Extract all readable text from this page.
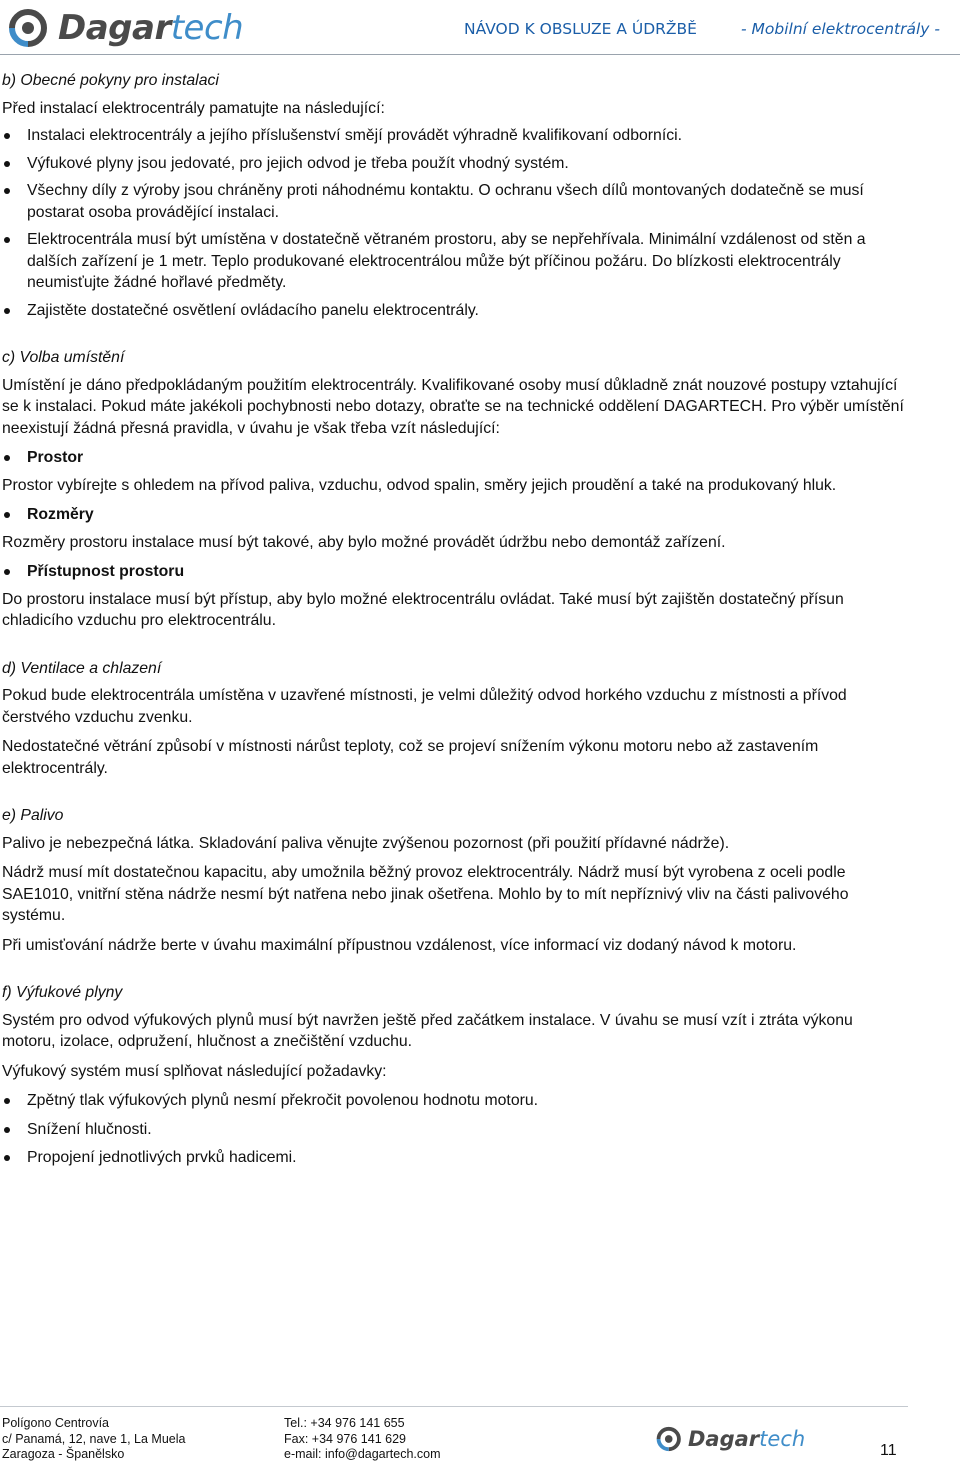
Dagartech	NÁVOD K OBSLUZE A ÚDRŽBĚ	- Mobilní elektrocentrály -
b) Obecné pokyny pro instalaci

Před instalací elektrocentrály pamatujte na následující:

Instalaci elektrocentrály a jejího příslušenství smějí provádět výhradně kvalifikovaní odborníci.
Výfukové plyny jsou jedovaté, pro jejich odvod je třeba použít vhodný systém.
Všechny díly z výroby jsou chráněny proti náhodnému kontaktu. O ochranu všech dílů montovaných dodatečně se musí postarat osoba provádějící instalaci.
Elektrocentrála musí být umístěna v dostatečně větraném prostoru, aby se nepřehřívala. Minimální vzdálenost od stěn a dalších zařízení je 1 metr. Teplo produkované elektrocentrálou může být příčinou požáru. Do blízkosti elektrocentrály neumisťujte žádné hořlavé předměty.
Zajistěte dostatečné osvětlení ovládacího panelu elektrocentrály.
c) Volba umístění

Umístění je dáno předpokládaným použitím elektrocentrály. Kvalifikované osoby musí důkladně znát nouzové postupy vztahující se k instalaci. Pokud máte jakékoli pochybnosti nebo dotazy, obraťte se na technické oddělení DAGARTECH. Pro výběr umístění neexistují žádná přesná pravidla, v úvahu je však třeba vzít následující:

Prostor

Prostor vybírejte s ohledem na přívod paliva, vzduchu, odvod spalin, směry jejich proudění a také na produkovaný hluk.

Rozměry

Rozměry prostoru instalace musí být takové, aby bylo možné provádět údržbu nebo demontáž zařízení.

Přístupnost prostoru

Do prostoru instalace musí být přístup, aby bylo možné elektrocentrálu ovládat. Také musí být zajištěn dostatečný přísun chladicího vzduchu pro elektrocentrálu.

d) Ventilace a chlazení

Pokud bude elektrocentrála umístěna v uzavřené místnosti, je velmi důležitý odvod horkého vzduchu z místnosti a přívod čerstvého vzduchu zvenku.

Nedostatečné větrání způsobí v místnosti nárůst teploty, což se projeví snížením výkonu motoru nebo až zastavením elektrocentrály.

e) Palivo

Palivo je nebezpečná látka. Skladování paliva věnujte zvýšenou pozornost (při použití přídavné nádrže).

Nádrž musí mít dostatečnou kapacitu, aby umožnila běžný provoz elektrocentrály. Nádrž musí být vyrobena z oceli podle SAE1010, vnitřní stěna nádrže nesmí být natřena nebo jinak ošetřena. Mohlo by to mít nepříznivý vliv na části palivového systému.

Při umisťování nádrže berte v úvahu maximální přípustnou vzdálenost, více informací viz dodaný návod k motoru.

f) Výfukové plyny

Systém pro odvod výfukových plynů musí být navržen ještě před začátkem instalace. V úvahu se musí vzít i ztráta výkonu motoru, izolace, odpružení, hlučnost a znečištění vzduchu.

Výfukový systém musí splňovat následující požadavky:

Zpětný tlak výfukových plynů nesmí překročit povolenou hodnotu motoru.
Snížení hlučnosti.
Propojení jednotlivých prvků hadicemi.
Polígono Centrovía
c/ Panamá, 12, nave 1, La Muela
Zaragoza - Španělsko
Tel.: +34 976 141 655
Fax: +34 976 141 629
e-mail: info@dagartech.com
Dagartech	11
